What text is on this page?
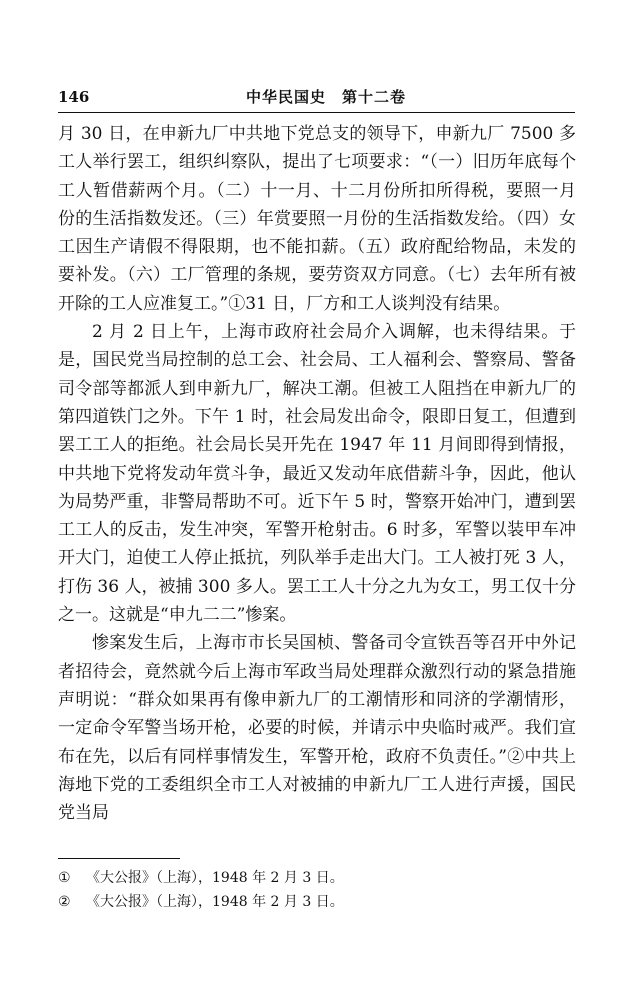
146	中华民国史　第十二卷

月 30 日，在申新九厂中共地下党总支的领导下，申新九厂 7500 多工人举行罢工，组织纠察队，提出了七项要求：“（一）旧历年底每个工人暂借薪两个月。（二）十一月、十二月份所扣所得税，要照一月份的生活指数发还。（三）年赏要照一月份的生活指数发给。（四）女工因生产请假不得限期，也不能扣薪。（五）政府配给物品，未发的要补发。（六）工厂管理的条规，要劳资双方同意。（七）去年所有被开除的工人应准复工。”①31 日，厂方和工人谈判没有结果。

2 月 2 日上午，上海市政府社会局介入调解，也未得结果。于是，国民党当局控制的总工会、社会局、工人福利会、警察局、警备司令部等都派人到申新九厂，解决工潮。但被工人阻挡在申新九厂的第四道铁门之外。下午 1 时，社会局发出命令，限即日复工，但遭到罢工工人的拒绝。社会局长吴开先在 1947 年 11 月间即得到情报，中共地下党将发动年赏斗争，最近又发动年底借薪斗争，因此，他认为局势严重，非警局帮助不可。近下午 5 时，警察开始冲门，遭到罢工工人的反击，发生冲突，军警开枪射击。6 时多，军警以装甲车冲开大门，迫使工人停止抵抗，列队举手走出大门。工人被打死 3 人，打伤 36 人，被捕 300 多人。罢工工人十分之九为女工，男工仅十分之一。这就是“申九二二”惨案。

惨案发生后，上海市市长吴国桢、警备司令宣铁吾等召开中外记者招待会，竟然就今后上海市军政当局处理群众激烈行动的紧急措施声明说：“群众如果再有像申新九厂的工潮情形和同济的学潮情形，一定命令军警当场开枪，必要的时候，并请示中央临时戒严。我们宣布在先，以后有同样事情发生，军警开枪，政府不负责任。”②中共上海地下党的工委组织全市工人对被捕的申新九厂工人进行声援，国民党当局

① 《大公报》（上海），1948 年 2 月 3 日。
② 《大公报》（上海），1948 年 2 月 3 日。
